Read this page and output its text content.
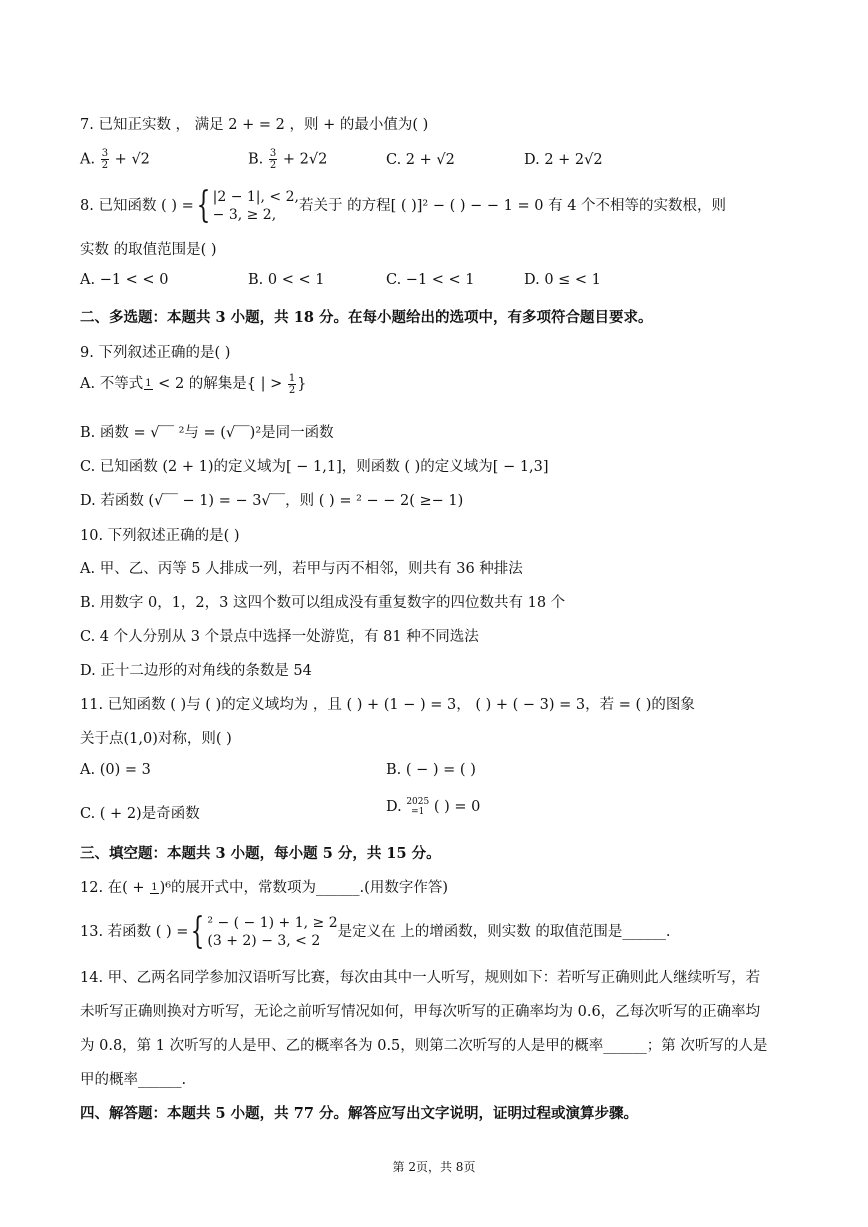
7. 已知正实数 ， 满足 2 + = 2 ，则 + 的最小值为( )
A. $\frac{3}{2} + √2$	B. $\frac{3}{2} + 2√2$	C. 2 + √2	D. 2 + 2√2
8. 已知函数 ( ) ={ |2 − 1|, < 2,
− 3, ≥ 2,
若关于 的方程[ ( )]² − ( ) − − 1 = 0 有 4 个不相等的实数根，则
实数 的取值范围是( )
A. −1 < < 0	B. 0 < < 1	C. −1 < < 1	D. 0 ≤ < 1
二、多选题：本题共 3 小题，共 18 分。在每小题给出的选项中，有多项符合题目要求。
9. 下列叙述正确的是( )
A. 不等式 1 < 2 的解集是{ | > $\frac{1}{2}$ }
B. 函数 = √‾‾ ²与 = (√‾‾)²是同一函数
C. 已知函数 (2 + 1)的定义域为[ − 1,1]，则函数 ( )的定义域为[ − 1,3]
D. 若函数 (√‾‾ − 1) = − 3√‾‾，则 ( ) = ² − − 2( ≥− 1)
10. 下列叙述正确的是( )
A. 甲、乙、丙等 5 人排成一列，若甲与丙不相邻，则共有 36 种排法
B. 用数字 0，1，2，3 这四个数可以组成没有重复数字的四位数共有 18 个
C. 4 个人分别从 3 个景点中选择一处游览，有 81 种不同选法
D. 正十二边形的对角线的条数是 54
11. 已知函数 ( )与 ( )的定义域均为 ，且 ( ) + (1 − ) = 3， ( ) + ( − 3) = 3，若 = ( )的图象
关于点(1,0)对称，则( )
A. (0) = 3	B. ( − ) = ( )
C. ( + 2)是奇函数	D. 2025
=1 ( ) = 0
三、填空题：本题共 3 小题，每小题 5 分，共 15 分。
12. 在( + 1 )⁶的展开式中，常数项为______.(用数字作答)
13. 若函数 ( ) ={ ² − ( − 1) + 1, ≥ 2
(3 + 2) − 3, < 2
是定义在 上的增函数，则实数 的取值范围是______.
14. 甲、乙两名同学参加汉语听写比赛，每次由其中一人听写，规则如下：若听写正确则此人继续听写，若
未听写正确则换对方听写，无论之前听写情况如何，甲每次听写的正确率均为 0.6，乙每次听写的正确率均
为 0.8，第 1 次听写的人是甲、乙的概率各为 0.5，则第二次听写的人是甲的概率______；第 次听写的人是
甲的概率______.
四、解答题：本题共 5 小题，共 77 分。解答应写出文字说明，证明过程或演算步骤。
第 2页，共 8页
